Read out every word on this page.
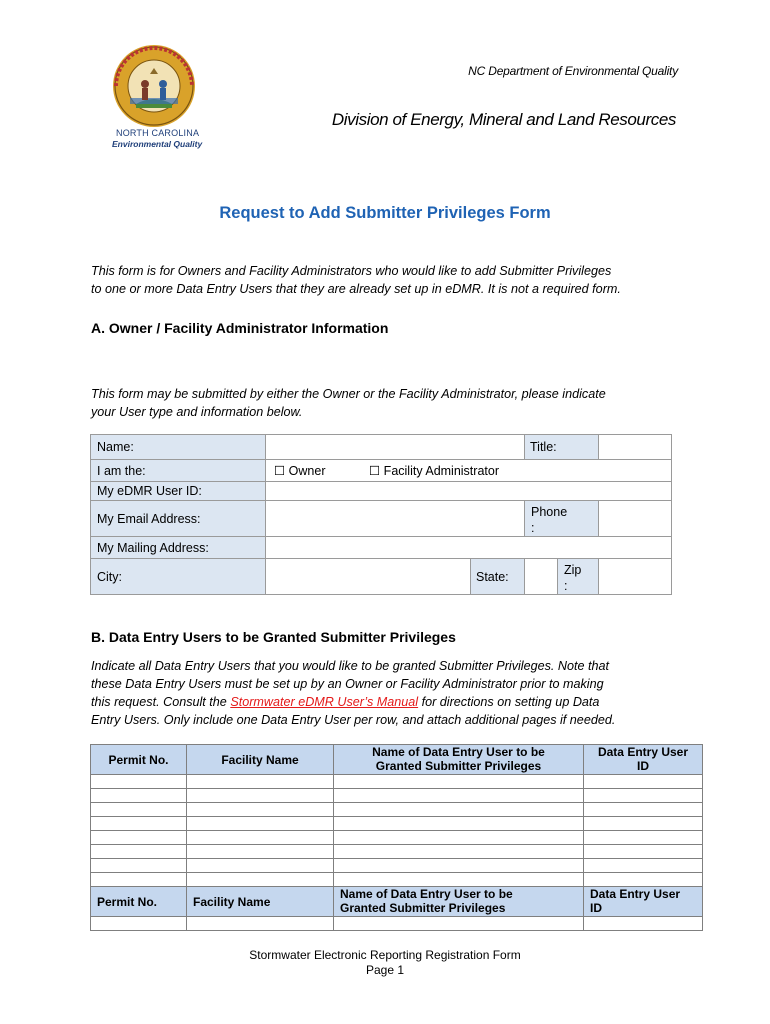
NORTH CAROLINA
Environmental Quality
NC Department of Environmental Quality
Division of Energy, Mineral and Land Resources
Request to Add Submitter Privileges Form
This form is for Owners and Facility Administrators who would like to add Submitter Privileges
to one or more Data Entry Users that they are already set up in eDMR. It is not a required form.
A. Owner / Facility Administrator Information
This form may be submitted by either the Owner or the Facility Administrator, please indicate
your User type and information below.
Name:			Title:		
I am the:	☐ Owner ☐ Facility Administrator				
My eDMR User ID:					
My Email Address:			Phone
:		
My Mailing Address:					
City:		State:		Zip
:	
B. Data Entry Users to be Granted Submitter Privileges
Indicate all Data Entry Users that you would like to be granted Submitter Privileges. Note that
these Data Entry Users must be set up by an Owner or Facility Administrator prior to making
this request. Consult the Stormwater eDMR User’s Manual for directions on setting up Data
Entry Users. Only include one Data Entry User per row, and attach additional pages if needed.
Permit No.	Facility Name	Name of Data Entry User to be
Granted Submitter Privileges	Data Entry User
ID

Permit No.	Facility Name	Name of Data Entry User to be
Granted Submitter Privileges	Data Entry User
ID

Stormwater Electronic Reporting Registration Form
Page 1
